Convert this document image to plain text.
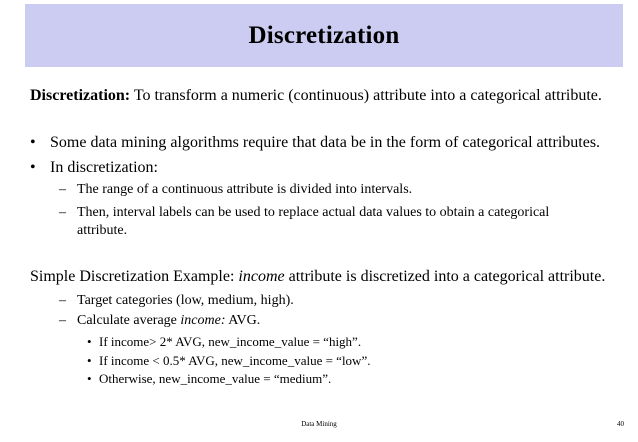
Discretization
Discretization: To transform a numeric (continuous) attribute into a categorical attribute.
• Some data mining algorithms require that data be in the form of categorical attributes.
• In discretization:
– The range of a continuous attribute is divided into intervals.
– Then, interval labels can be used to replace actual data values to obtain a categorical attribute.
Simple Discretization Example: income attribute is discretized into a categorical attribute.
– Target categories (low, medium, high).
– Calculate average income: AVG.
• If income> 2* AVG, new_income_value = “high”.
• If income < 0.5* AVG, new_income_value = “low”.
• Otherwise, new_income_value = “medium”.
Data Mining	40
